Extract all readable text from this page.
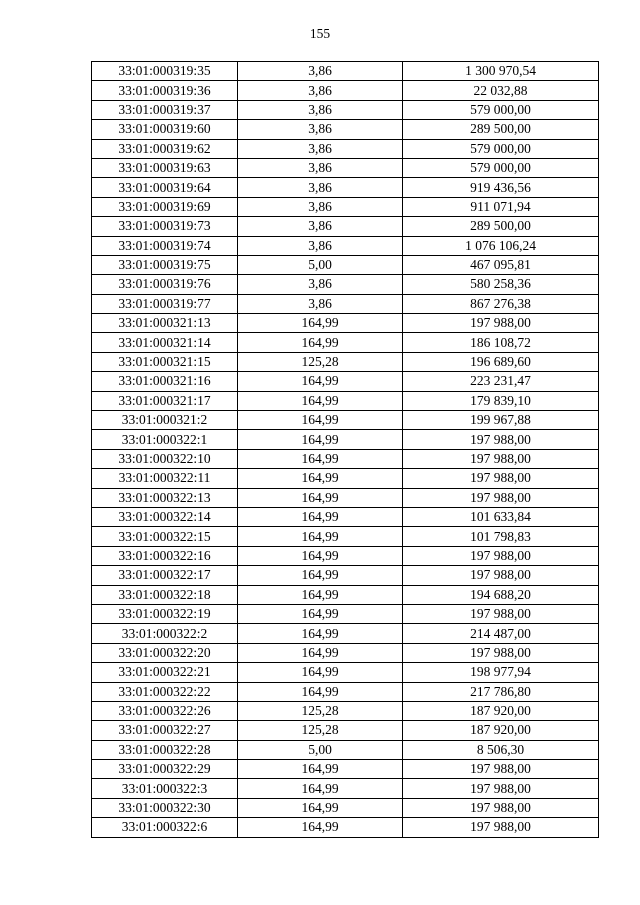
155
33:01:000319:35	3,86	1 300 970,54
33:01:000319:36	3,86	22 032,88
33:01:000319:37	3,86	579 000,00
33:01:000319:60	3,86	289 500,00
33:01:000319:62	3,86	579 000,00
33:01:000319:63	3,86	579 000,00
33:01:000319:64	3,86	919 436,56
33:01:000319:69	3,86	911 071,94
33:01:000319:73	3,86	289 500,00
33:01:000319:74	3,86	1 076 106,24
33:01:000319:75	5,00	467 095,81
33:01:000319:76	3,86	580 258,36
33:01:000319:77	3,86	867 276,38
33:01:000321:13	164,99	197 988,00
33:01:000321:14	164,99	186 108,72
33:01:000321:15	125,28	196 689,60
33:01:000321:16	164,99	223 231,47
33:01:000321:17	164,99	179 839,10
33:01:000321:2	164,99	199 967,88
33:01:000322:1	164,99	197 988,00
33:01:000322:10	164,99	197 988,00
33:01:000322:11	164,99	197 988,00
33:01:000322:13	164,99	197 988,00
33:01:000322:14	164,99	101 633,84
33:01:000322:15	164,99	101 798,83
33:01:000322:16	164,99	197 988,00
33:01:000322:17	164,99	197 988,00
33:01:000322:18	164,99	194 688,20
33:01:000322:19	164,99	197 988,00
33:01:000322:2	164,99	214 487,00
33:01:000322:20	164,99	197 988,00
33:01:000322:21	164,99	198 977,94
33:01:000322:22	164,99	217 786,80
33:01:000322:26	125,28	187 920,00
33:01:000322:27	125,28	187 920,00
33:01:000322:28	5,00	8 506,30
33:01:000322:29	164,99	197 988,00
33:01:000322:3	164,99	197 988,00
33:01:000322:30	164,99	197 988,00
33:01:000322:6	164,99	197 988,00
